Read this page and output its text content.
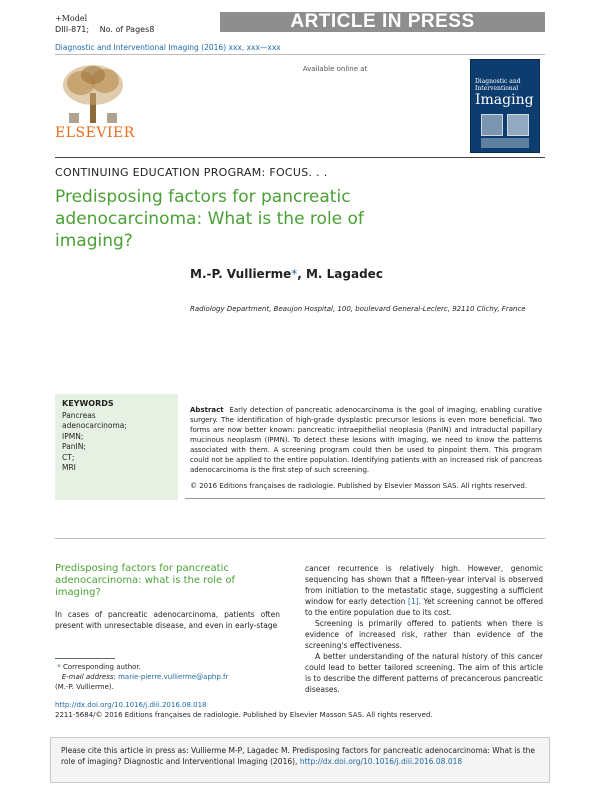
+Model
DIII-871; No. of Pages8	ARTICLE IN PRESS
Diagnostic and Interventional Imaging (2016) xxx, xxx—xxx
ELSEVIER
Available online at
Diagnostic and Interventional
Imaging
CONTINUING EDUCATION PROGRAM: FOCUS. . .
Predisposing factors for pancreatic adenocarcinoma: What is the role of imaging?
M.-P. Vullierme*, M. Lagadec
Radiology Department, Beaujon Hospital, 100, boulevard General-Leclerc, 92110 Clichy, France
KEYWORDS
Pancreas
adenocarcinoma;
IPMN;
PanIN;
CT;
MRI
Abstract Early detection of pancreatic adenocarcinoma is the goal of imaging, enabling curative surgery. The identification of high-grade dysplastic precursor lesions is even more beneficial. Two forms are now better known: pancreatic intraepithelial neoplasia (PanIN) and intraductal papillary mucinous neoplasm (IPMN). To detect these lesions with imaging, we need to know the patterns associated with them. A screening program could then be used to pinpoint them. This program could not be applied to the entire population. Identifying patients with an increased risk of pancreas adenocarcinoma is the first step of such screening.
© 2016 Editions françaises de radiologie. Published by Elsevier Masson SAS. All rights reserved.
Predisposing factors for pancreatic adenocarcinoma: what is the role of imaging?
In cases of pancreatic adenocarcinoma, patients often present with unresectable disease, and even in early-stage

cancer recurrence is relatively high. However, genomic sequencing has shown that a fifteen-year interval is observed from initiation to the metastatic stage, suggesting a sufficient window for early detection [1]. Yet screening cannot be offered to the entire population due to its cost.

Screening is primarily offered to patients when there is evidence of increased risk, rather than evidence of the screening's effectiveness.

A better understanding of the natural history of this cancer could lead to better tailored screening. The aim of this article is to describe the different patterns of precancerous pancreatic diseases.

* Corresponding author.
E-mail address: marie-pierre.vullierme@aphp.fr
(M.-P. Vullierme).
http://dx.doi.org/10.1016/j.diii.2016.08.018
2211-5684/© 2016 Editions françaises de radiologie. Published by Elsevier Masson SAS. All rights reserved.
Please cite this article in press as: Vullierme M-P, Lagadec M. Predisposing factors for pancreatic adenocarcinoma: What is the role of imaging? Diagnostic and Interventional Imaging (2016), http://dx.doi.org/10.1016/j.diii.2016.08.018
